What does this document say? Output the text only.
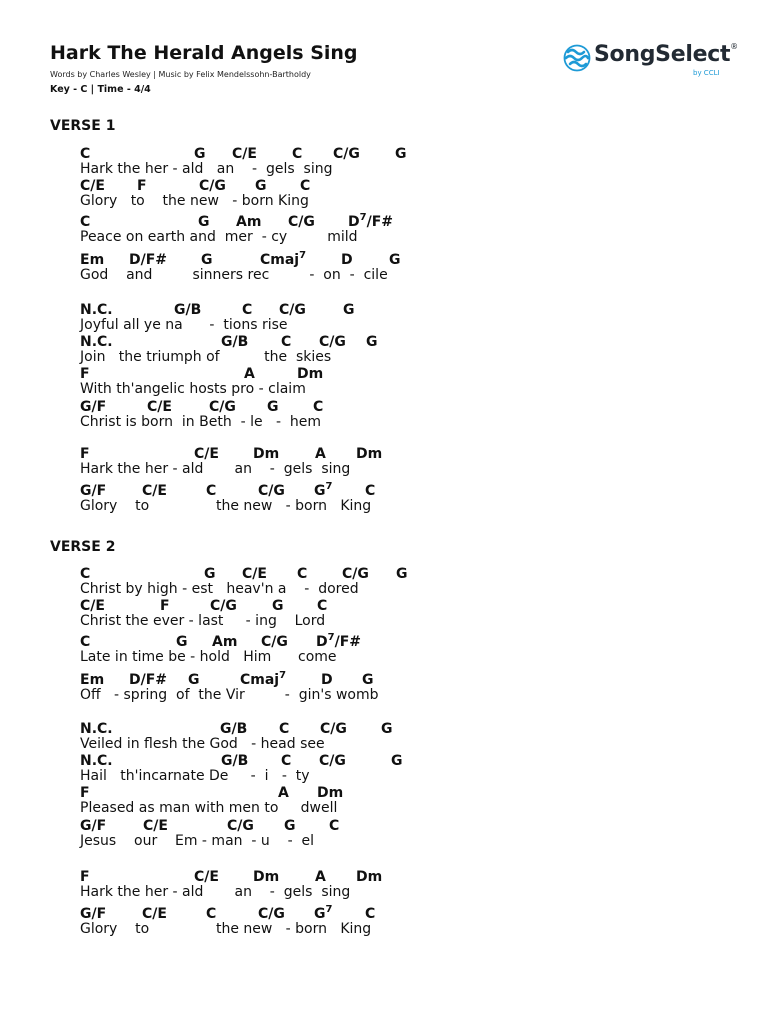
Hark The Herald Angels Sing
Words by Charles Wesley | Music by Felix Mendelssohn-Bartholdy
Key - C | Time - 4/4
SongSelect®
by CCLI
VERSE 1
C	G C/E	C C/G	G
Hark the her - ald   an    -  gels  sing
C/E F	C/G G C
Glory   to    the new   - born King
C	G Am C/G $D^7/F\#$
Peace on earth and  mer  - cy         mild
Em D/F# G	Cmaj$^7$ D	G
God    and         sinners rec         -  on  -  cile
N.C.	G/B	C C/G	G
Joyful all ye na      -  tions rise
N.C.	G/B C C/G G
Join   the triumph of          the  skies
F	A	Dm
With th'angelic hosts pro - claim
G/F	C/E	C/G G C
Christ is born  in Beth  - le   -  hem
F	C/E Dm	A Dm
Hark the her - ald       an    -  gels  sing
G/F	C/E	C	C/G $G^7$ C
Glory    to               the new   - born   King
VERSE 2
C	G C/E C C/G G
Christ by high - est   heav'n a    -  dored
C/E	F	C/G	G C
Christ the ever - last     - ing    Lord
C	G Am C/G $D^7/F\#$
Late in time be - hold   Him      come
Em D/F# G	Cmaj$^7$ D G
Off   - spring  of  the Vir         -  gin's womb
N.C.	G/B C C/G G
Veiled in flesh the God   - head see
N.C.	G/B C C/G	G
Hail   th'incarnate De     -  i   -  ty
F	A Dm
Pleased as man with men to     dwell
G/F	C/E	C/G G C
Jesus    our    Em - man  - u    -  el
F	C/E Dm	A Dm
Hark the her - ald       an    -  gels  sing
G/F	C/E	C	C/G $G^7$ C
Glory    to               the new   - born   King
